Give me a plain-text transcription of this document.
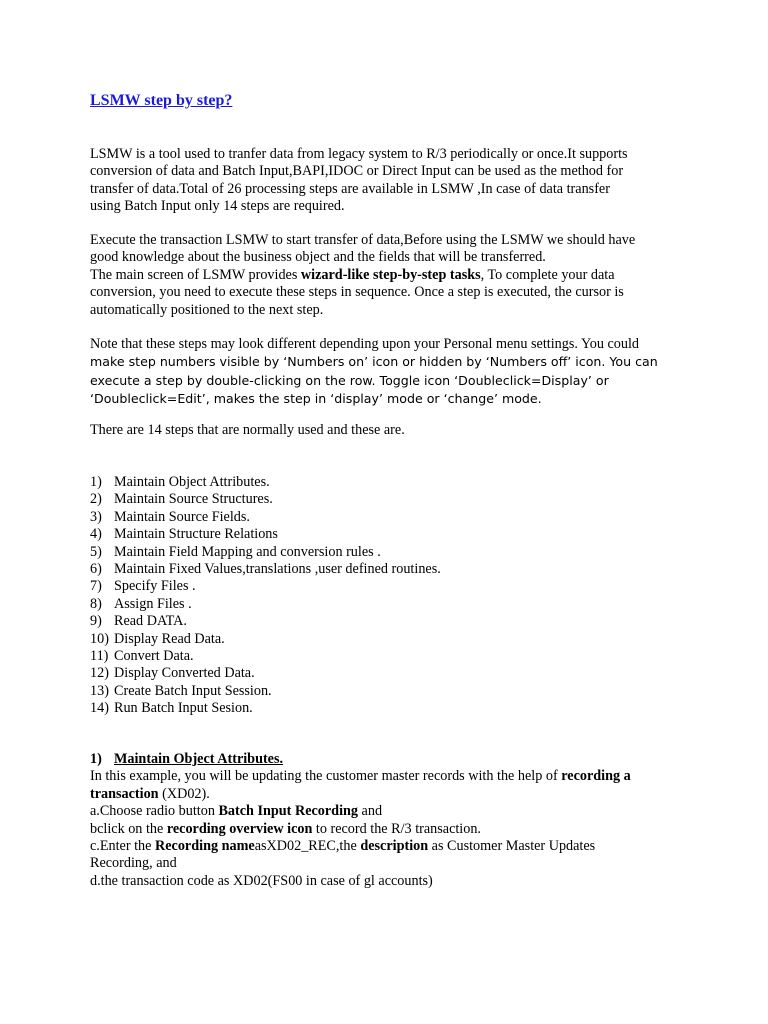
LSMW step by step?

LSMW is a tool used to tranfer data from legacy system to R/3 periodically or once.It supports
conversion of data and Batch Input,BAPI,IDOC or Direct Input can be used as the method for
transfer of data.Total of 26 processing steps are available in LSMW ,In case of data transfer
using Batch Input only 14 steps are required.

Execute the transaction LSMW to start transfer of data,Before using the LSMW we should have
good knowledge about the business object and the fields that will be transferred.
The main screen of LSMW provides wizard-like step-by-step tasks, To complete your data
conversion, you need to execute these steps in sequence. Once a step is executed, the cursor is
automatically positioned to the next step.

Note that these steps may look different depending upon your Personal menu settings. You could
make step numbers visible by ‘Numbers on’ icon or hidden by ‘Numbers off’ icon. You can
execute a step by double-clicking on the row. Toggle icon ‘Doubleclick=Display’ or
‘Doubleclick=Edit’, makes the step in ‘display’ mode or ‘change’ mode.

There are 14 steps that are normally used and these are.

1) Maintain Object Attributes.
2) Maintain Source Structures.
3) Maintain Source Fields.
4) Maintain Structure Relations
5) Maintain Field Mapping and conversion rules .
6) Maintain Fixed Values,translations ,user defined routines.
7) Specify Files .
8) Assign Files .
9) Read DATA.
10) Display Read Data.
11) Convert Data.
12) Display Converted Data.
13) Create Batch Input Session.
14) Run Batch Input Sesion.
1) Maintain Object Attributes.
In this example, you will be updating the customer master records with the help of recording a
transaction (XD02).
a.Choose radio button Batch Input Recording and
bclick on the recording overview icon to record the R/3 transaction.
c.Enter the Recording nameasXD02_REC,the description as Customer Master Updates
Recording, and
d.the transaction code as XD02(FS00 in case of gl accounts)
